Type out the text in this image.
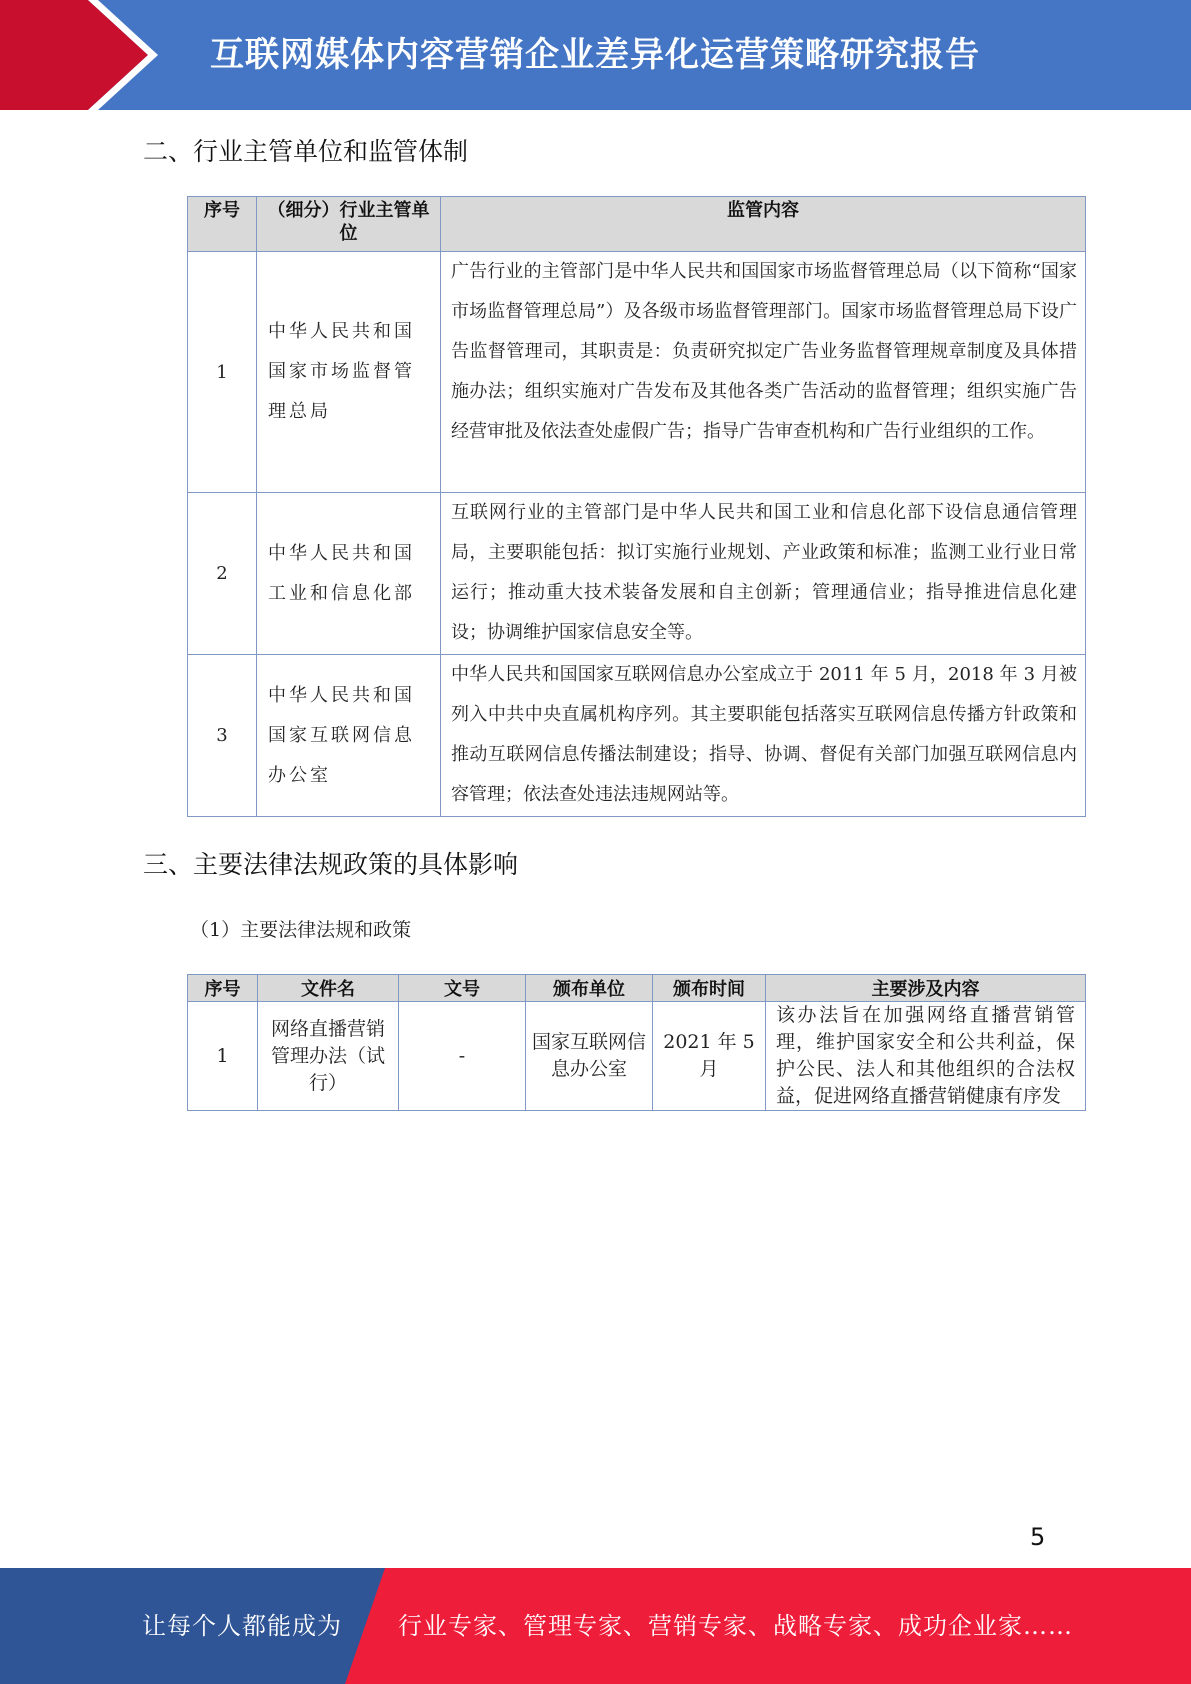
互联网媒体内容营销企业差异化运营策略研究报告
二、行业主管单位和监管体制
序号	（细分）行业主管单位	监管内容
1	中华人民共和国国家市场监督管理总局	广告行业的主管部门是中华人民共和国国家市场监督管理总局（以下简称“国家市场监督管理总局”）及各级市场监督管理部门。国家市场监督管理总局下设广告监督管理司，其职责是：负责研究拟定广告业务监督管理规章制度及具体措施办法；组织实施对广告发布及其他各类广告活动的监督管理；组织实施广告经营审批及依法查处虚假广告；指导广告审查机构和广告行业组织的工作。
2	中华人民共和国工业和信息化部	互联网行业的主管部门是中华人民共和国工业和信息化部下设信息通信管理局，主要职能包括：拟订实施行业规划、产业政策和标准；监测工业行业日常运行；推动重大技术装备发展和自主创新；管理通信业；指导推进信息化建设；协调维护国家信息安全等。
3	中华人民共和国国家互联网信息办公室	中华人民共和国国家互联网信息办公室成立于 2011 年 5 月，2018 年 3 月被列入中共中央直属机构序列。其主要职能包括落实互联网信息传播方针政策和推动互联网信息传播法制建设；指导、协调、督促有关部门加强互联网信息内容管理；依法查处违法违规网站等。
三、主要法律法规政策的具体影响

（1）主要法律法规和政策

序号	文件名	文号	颁布单位	颁布时间	主要涉及内容
1	网络直播营销管理办法（试行）	-	国家互联网信息办公室	2021 年 5 月	该办法旨在加强网络直播营销管理，维护国家安全和公共利益，保护公民、法人和其他组织的合法权益，促进网络直播营销健康有序发
5
让每个人都能成为 行业专家、管理专家、营销专家、战略专家、成功企业家……
